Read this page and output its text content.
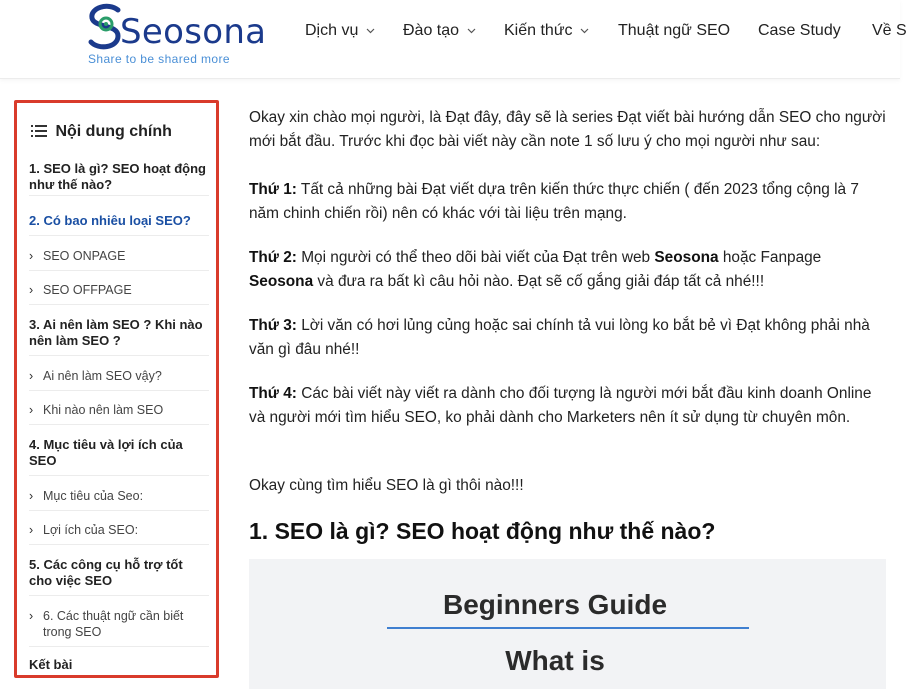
Seosona
Share to be shared more
Dịch vụ	Đào tạo	Kiến thức	Thuật ngữ SEO Case Study Về S
Nội dung chính
1. SEO là gì? SEO hoạt động như thế nào?
2. Có bao nhiêu loại SEO?
› SEO ONPAGE
› SEO OFFPAGE
3. Ai nên làm SEO ? Khi nào nên làm SEO ?
› Ai nên làm SEO vậy?
› Khi nào nên làm SEO
4. Mục tiêu và lợi ích của SEO
› Mục tiêu của Seo:
› Lợi ích của SEO:
5. Các công cụ hỗ trợ tốt cho việc SEO
› 6. Các thuật ngữ cần biết trong SEO
Kết bài

Okay xin chào mọi người, là Đạt đây, đây sẽ là series Đạt viết bài hướng dẫn SEO cho người mới bắt đầu. Trước khi đọc bài viết này cần note 1 số lưu ý cho mọi người như sau:

Thứ 1: Tất cả những bài Đạt viết dựa trên kiến thức thực chiến ( đến 2023 tổng cộng là 7 năm chinh chiến rồi) nên có khác với tài liệu trên mạng.

Thứ 2: Mọi người có thể theo dõi bài viết của Đạt trên web Seosona hoặc Fanpage Seosona và đưa ra bất kì câu hỏi nào. Đạt sẽ cố gắng giải đáp tất cả nhé!!!

Thứ 3: Lời văn có hơi lủng củng hoặc sai chính tả vui lòng ko bắt bẻ vì Đạt không phải nhà văn gì đâu nhé!!

Thứ 4: Các bài viết này viết ra dành cho đối tượng là người mới bắt đầu kinh doanh Online và người mới tìm hiểu SEO, ko phải dành cho Marketers nên ít sử dụng từ chuyên môn.

Okay cùng tìm hiểu SEO là gì thôi nào!!!

1. SEO là gì? SEO hoạt động như thế nào?
Beginners Guide
What is
